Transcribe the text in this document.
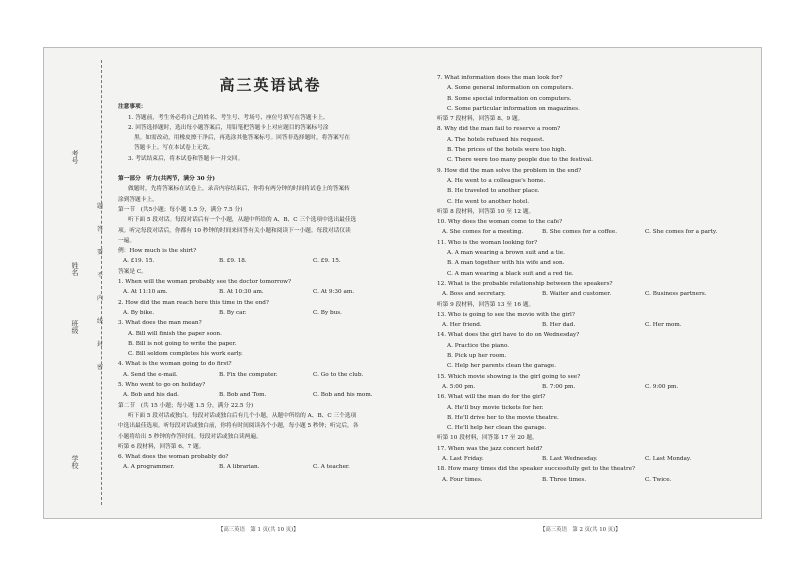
考号
姓名
班级
学校
题
答
要
不
内
线
封
密

高三英语试卷

注意事项：

1. 答题前，考生务必将自己的姓名、考生号、考场号、座位号填写在答题卡上。

2. 回答选择题时，选出每小题答案后，用铅笔把答题卡上对应题目的答案标号涂

黑。如需改动，用橡皮擦干净后，再选涂其他答案标号。回答非选择题时，将答案写在

答题卡上。写在本试卷上无效。

3. 考试结束后，将本试卷和答题卡一并交回。

第一部分　听力(共两节，满分 30 分)

做题时，先将答案标在试卷上。录音内容结束后，你将有两分钟的时间将试卷上的答案转

涂到答题卡上。

第一节　(共5小题；每小题 1.5 分，满分 7.5 分)

听下面 5 段对话。每段对话后有一个小题，从题中所给的 A、B、C 三个选项中选出最佳选

项。听完每段对话后，你都有 10 秒钟的时间来回答有关小题和阅读下一小题。每段对话仅读

一遍。

例：How much is the shirt?

A. £19. 15.	B. £9. 18.	C. £9. 15.

答案是 C。

1. When will the woman probably see the doctor tomorrow?

A. At 11:10 am.	B. At 10:30 am.	C. At 9:30 am.

2. How did the man reach here this time in the end?

A. By bike.	B. By car.	C. By bus.

3. What does the man mean?

A. Bill will finish the paper soon.

B. Bill is not going to write the paper.

C. Bill seldom completes his work early.

4. What is the woman going to do first?

A. Send the e-mail.	B. Fix the computer.	C. Go to the club.

5. Who went to go on holiday?

A. Bob and his dad.	B. Bob and Tom.	C. Bob and his mom.

第二节　(共 15 小题；每小题 1.5 分，满分 22.5 分)

听下面 5 段对话或独白。每段对话或独白后有几个小题，从题中所给的 A、B、C 三个选项

中选出最佳选项。听每段对话或独白前，你将有时间阅读各个小题，每小题 5 秒钟；听完后，各

小题将给出 5 秒钟的作答时间。每段对话或独白读两遍。

听第 6 段材料，回答第 6、7 题。

6. What does the woman probably do?

A. A programmer.	B. A librarian.	C. A teacher.

7. What information does the man look for?

A. Some general information on computers.

B. Some special information on computers.

C. Some particular information on magazines.

听第 7 段材料，回答第 8、9 题。

8. Why did the man fail to reserve a room?

A. The hotels refused his request.

B. The prices of the hotels were too high.

C. There were too many people due to the festival.

9. How did the man solve the problem in the end?

A. He went to a colleague's home.

B. He traveled to another place.

C. He went to another hotel.

听第 8 段材料，回答第 10 至 12 题。

10. Why does the woman come to the cafe?

A. She comes for a meeting.	B. She comes for a coffee.	C. She comes for a party.

11. Who is the woman looking for?

A. A man wearing a brown suit and a tie.

B. A man together with his wife and son.

C. A man wearing a black suit and a red tie.

12. What is the probable relationship between the speakers?

A. Boss and secretary.	B. Waiter and customer.	C. Business partners.

听第 9 段材料，回答第 13 至 16 题。

13. Who is going to see the movie with the girl?

A. Her friend.	B. Her dad.	C. Her mom.

14. What does the girl have to do on Wednesday?

A. Practice the piano.

B. Pick up her room.

C. Help her parents clean the garage.

15. Which movie showing is the girl going to see?

A. 5:00 pm.	B. 7:00 pm.	C. 9:00 pm.

16. What will the man do for the girl?

A. He'll buy movie tickets for her.

B. He'll drive her to the movie theatre.

C. He'll help her clean the garage.

听第 10 段材料，回答第 17 至 20 题。

17. When was the jazz concert held?

A. Last Friday.	B. Last Wednesday.	C. Last Monday.

18. How many times did the speaker successfully get to the theatre?

A. Four times.	B. Three times.	C. Twice.
【高三英语　第 1 页(共 10 页)】	【高三英语　第 2 页(共 10 页)】
